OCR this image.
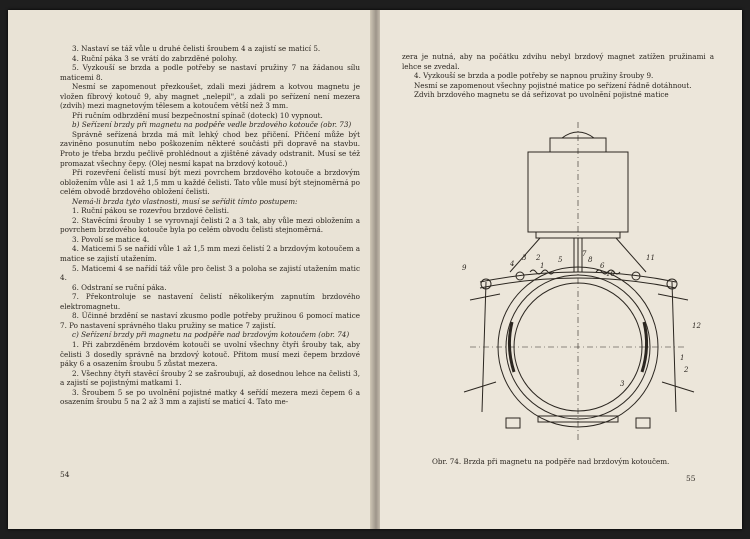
3. Nastaví se táž vůle u druhé čelisti šroubem 4 a zajistí se maticí 5.

4. Ruční páka 3 se vrátí do zabrzděné polohy.

5. Vyzkouší se brzda a podle potřeby se nastaví pružiny 7 na žádanou sílu maticemi 8.

Nesmí se zapomenout přezkoušet, zdali mezi jádrem a kotvou magnetu je vložen fíbrový kotouč 9, aby magnet „nelepil", a zdali po seřízení není mezera (zdvih) mezi magnetovým tělesem a kotoučem větší než 3 mm.

Při ručním odbrzdění musí bezpečnostní spínač (doteck) 10 vypnout.

b) Seřízení brzdy při magnetu na podpěře vedle brzdového kotouče (obr. 73)

Správně seřízená brzda má mít lehký chod bez přičení. Přičení může být zaviněno posunutím nebo poškozením některé součásti při dopravě na stavbu. Proto je třeba brzdu pečlivě prohlédnout a zjištěné závady odstranit. Musí se též promazat všechny čepy. (Olej nesmí kapat na brzdový kotouč.)

Při rozevření čelistí musí být mezi povrchem brzdového kotouče a brzdovým obložením vůle asi 1 až 1,5 mm u každé čelisti. Tato vůle musí být stejnoměrná po celém obvodě brzdového obložení čelisti.

Nemá-li brzda tyto vlastnosti, musí se seřídit tímto postupem:

1. Ruční pákou se rozevřou brzdové čelisti.

2. Stavěcími šrouby 1 se vyrovnají čelisti 2 a 3 tak, aby vůle mezi obložením a povrchem brzdového kotouče byla po celém obvodu čelisti stejnoměrná.

3. Povolí se matice 4.

4. Maticemi 5 se nařídí vůle 1 až 1,5 mm mezi čelistí 2 a brzdovým kotoučem a matice se zajistí utažením.

5. Maticemi 4 se nařídí táž vůle pro čelist 3 a poloha se zajistí utažením matic 4.

6. Odstraní se ruční páka.

7. Překontroluje se nastavení čelistí několikerým zapnutím brzdového elektromagnetu.

8. Účinné brzdění se nastaví zkusmo podle potřeby pružinou 6 pomocí matice 7. Po nastavení správného tlaku pružiny se matice 7 zajistí.

c) Seřízení brzdy při magnetu na podpěře nad brzdovým kotoučem (obr. 74)

1. Při zabrzděném brzdovém kotouči se uvolní všechny čtyři šrouby tak, aby čelisti 3 dosedly správně na brzdový kotouč. Přitom musí mezi čepem brzdové páky 6 a osazením šroubu 5 zůstat mezera.

2. Všechny čtyři stavěcí šrouby 2 se zašroubují, až dosednou lehce na čelisti 3, a zajistí se pojistnými matkami 1.

3. Šroubem 5 se po uvolnění pojistné matky 4 seřídí mezera mezi čepem 6 a osazením šroubu 5 na 2 až 3 mm a zajistí se maticí 4. Tato me-

54

zera je nutná, aby na počátku zdvihu nebyl brzdový magnet zatížen pružinami a lehce se zvedal.

4. Vyzkouší se brzda a podle potřeby se napnou pružiny šrouby 9.

Nesmí se zapomenout všechny pojistné matice po seřízení řádně dotáhnout.

Zdvih brzdového magnetu se dá seřizovat po uvolnění pojistné matice

1
2
3
4	5
6
7
8
9
10
11
12
3
1
2
Obr. 74. Brzda při magnetu na podpěře nad brzdovým kotoučem.
55
